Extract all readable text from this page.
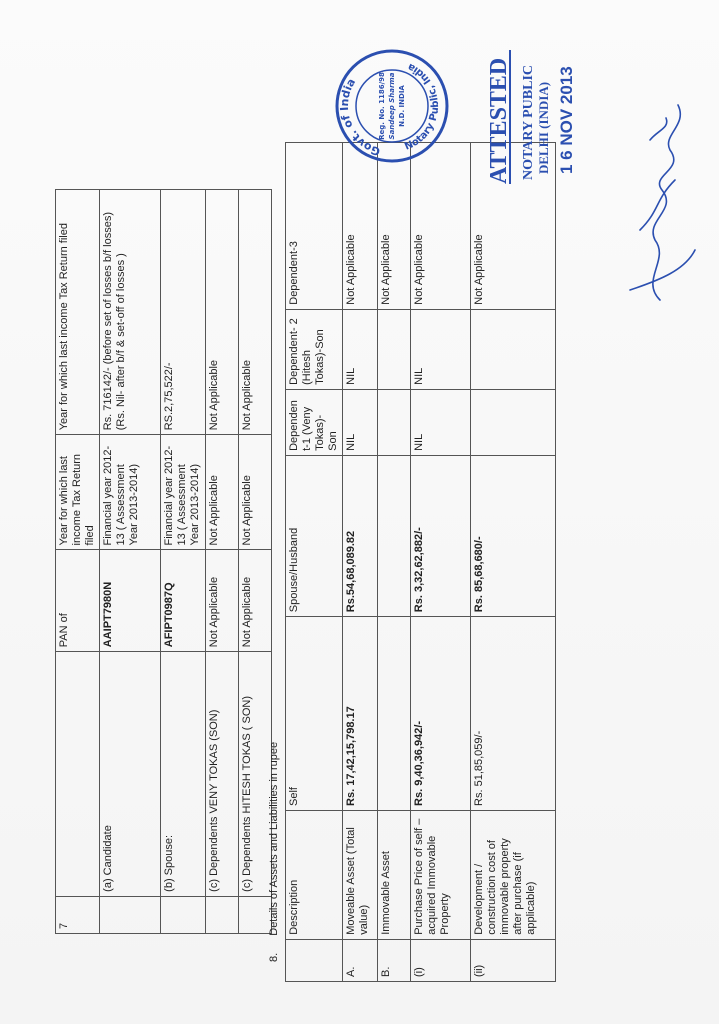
7		PAN of	Year for which last income Tax Return filed	Year for which last income Tax Return filed
	(a) Candidate	AAIPT7980N	Financial year 2012-13 ( Assessment Year 2013-2014)	Rs. 716142/- (before set of losses b/f losses) (Rs. Nil- after b/f & set-off of losses )
	(b) Spouse:	AFIPT0987Q	Financial year 2012-13 ( Assessment Year 2013-2014)	RS.2,75,522/-
	(c) Dependents VENY TOKAS (SON)	Not Applicable	Not Applicable	Not Applicable
	(c) Dependents HITESH TOKAS ( SON)	Not Applicable	Not Applicable	Not Applicable
8. Details of Assets and Liabilities in rupee
	Description	Self	Spouse/Husband	Dependen t-1 (Veny Tokas)- Son	Dependent- 2 (Hitesh Tokas)-Son	Dependent-3
A.	Moveable Asset (Total value)	Rs. 17,42,15,798.17	Rs.54,68,089.82	NIL	NIL	Not Applicable
B.	Immovable Asset					Not Applicable
(i)	Purchase Price of self –acquired Immovable Property	Rs. 9,40,36,942/-	Rs. 3,32,62,882/-	NIL	NIL	Not Applicable
(ii)	Development / construction cost of immovable property after purchase (if applicable)	Rs. 51,85,059/-	Rs. 85,68,680/-			Not Applicable
Govt. of India
Notary Public, India
Reg. No. 1186/98 Sandeep Sharma N.D. INDIA	ATTESTED NOTARY PUBLIC DELHI (INDIA) 1 6 NOV 2013
